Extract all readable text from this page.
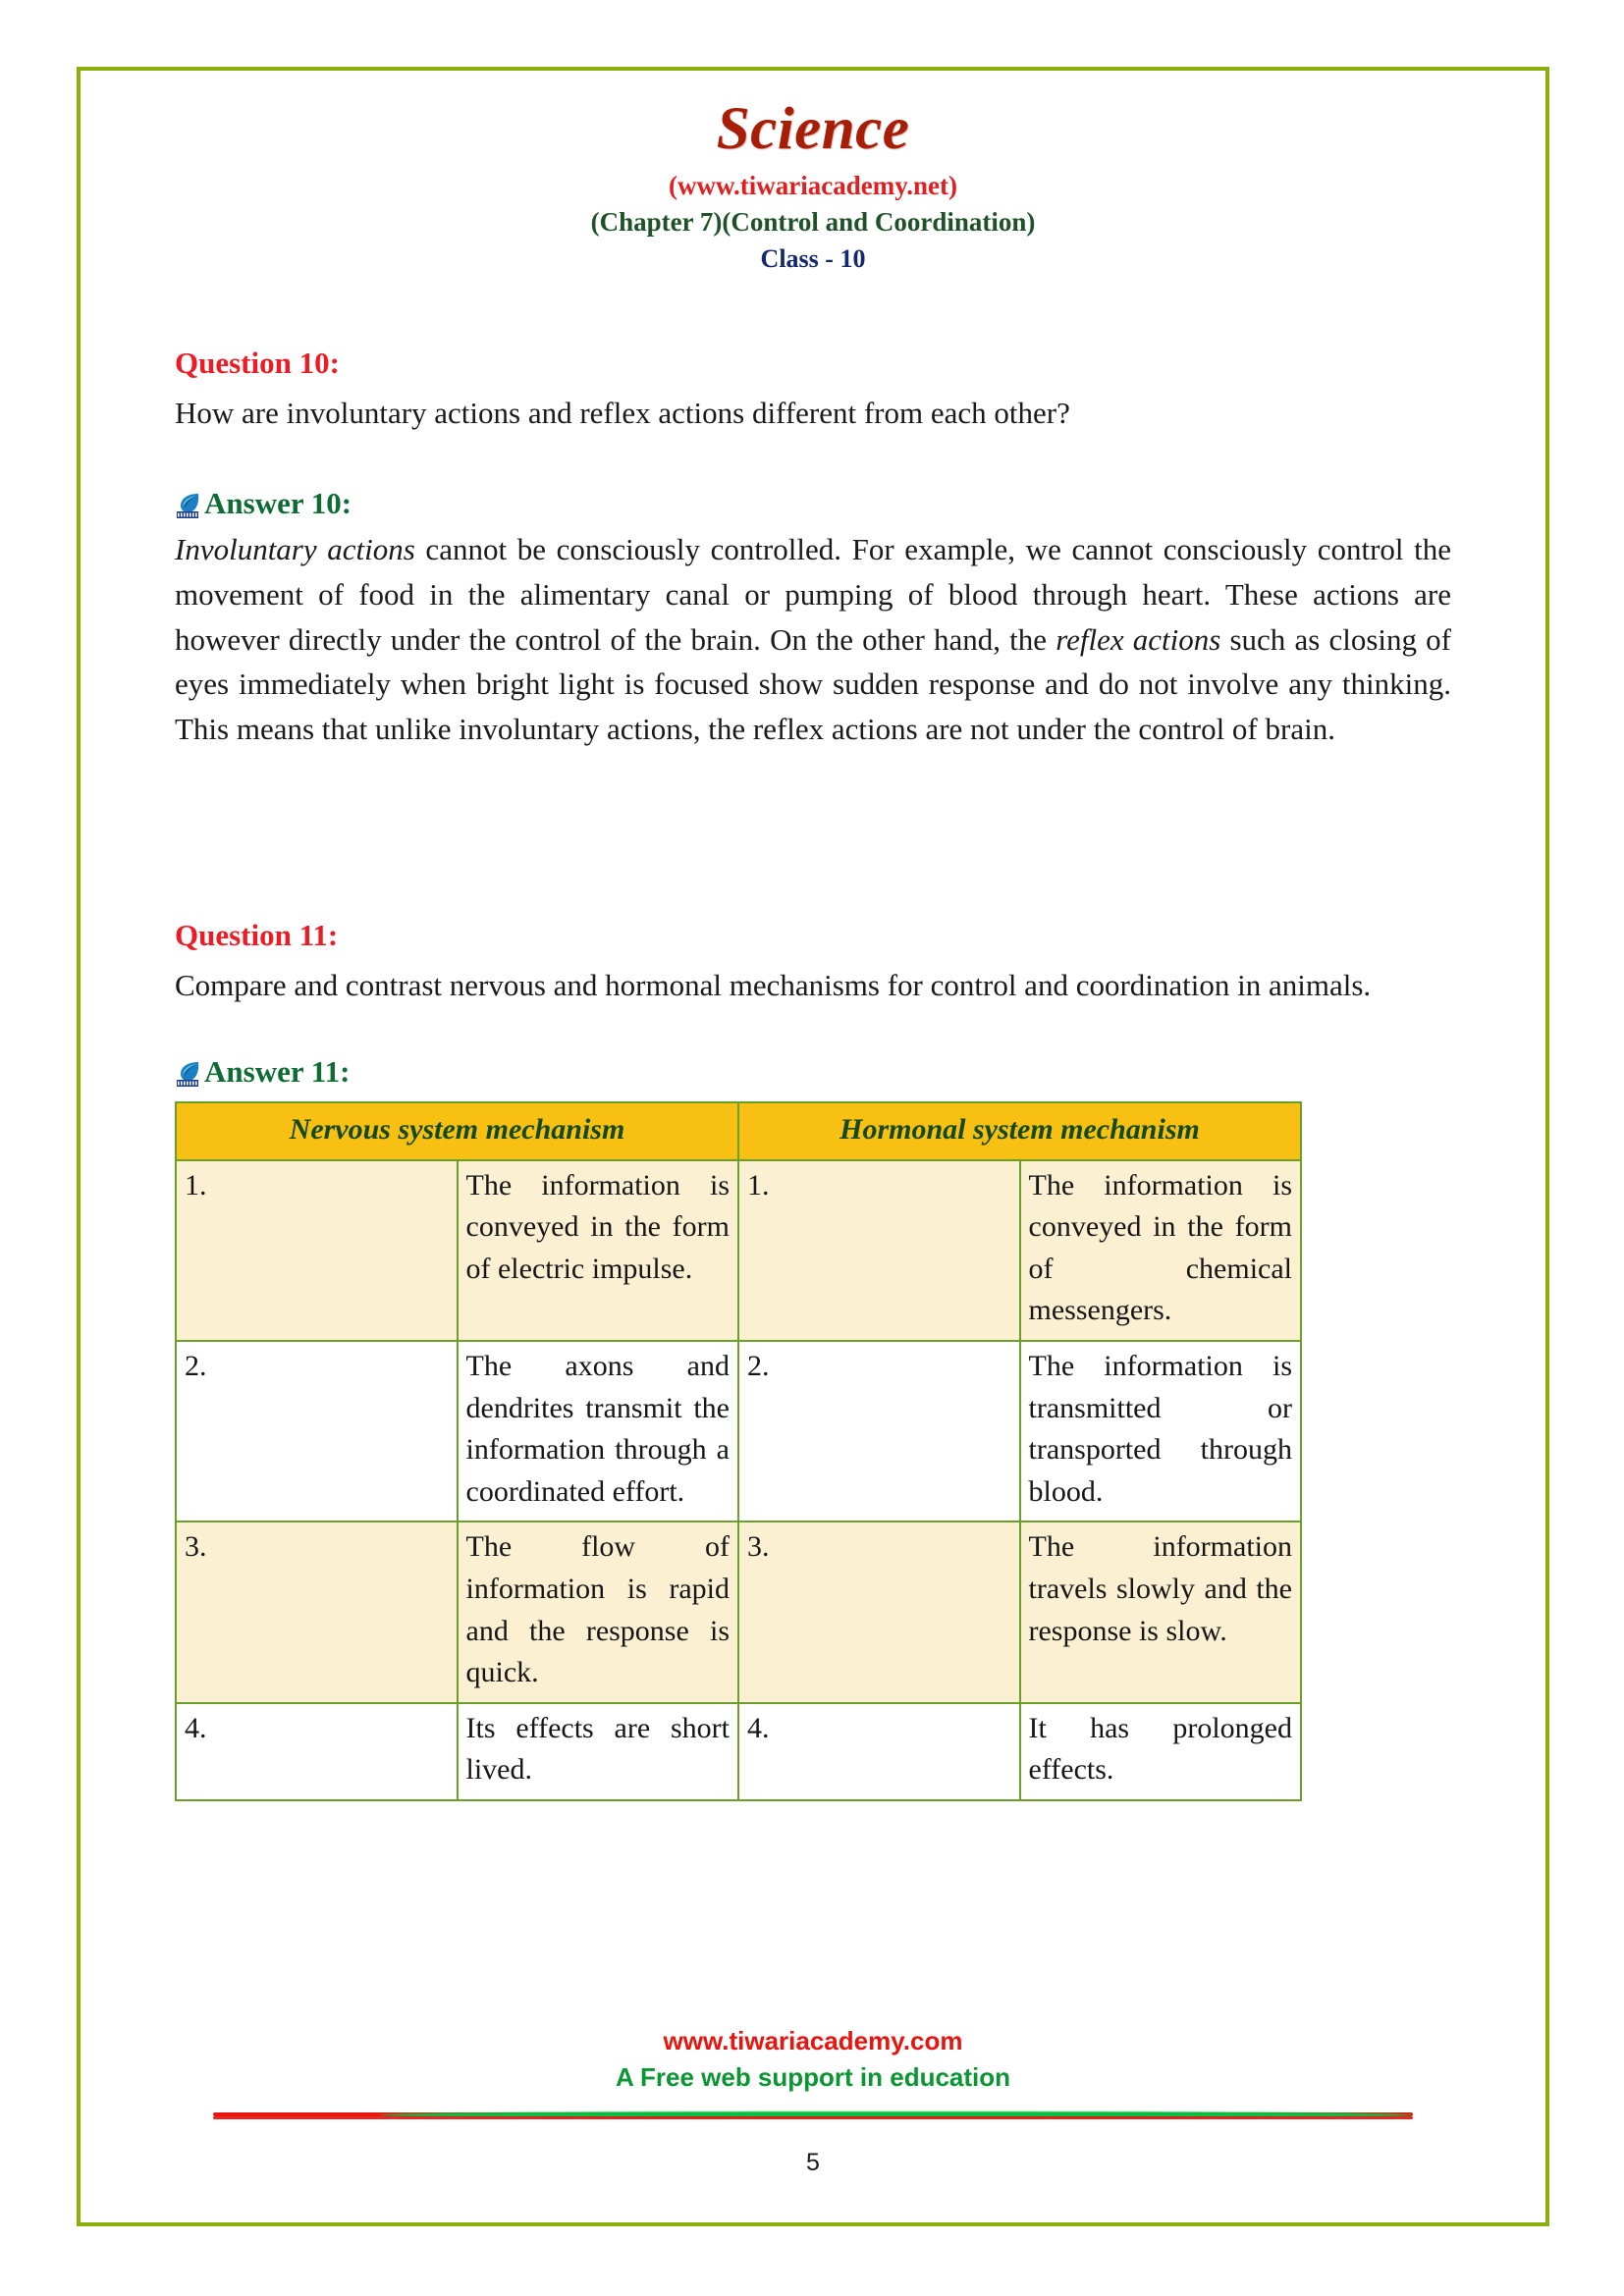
Science
(www.tiwariacademy.net)
(Chapter 7)(Control and Coordination)
Class - 10
Question 10:
How are involuntary actions and reflex actions different from each other?
Answer 10:
Involuntary actions cannot be consciously controlled. For example, we cannot consciously control the movement of food in the alimentary canal or pumping of blood through heart. These actions are however directly under the control of the brain. On the other hand, the reflex actions such as closing of eyes immediately when bright light is focused show sudden response and do not involve any thinking. This means that unlike involuntary actions, the reflex actions are not under the control of brain.
Question 11:
Compare and contrast nervous and hormonal mechanisms for control and coordination in animals.
Answer 11:
Nervous system mechanism		Hormonal system mechanism	
1.	The information is conveyed in the form of electric impulse.	1.	The information is conveyed in the form of chemical messengers.
2.	The axons and dendrites transmit the information through a coordinated effort.	2.	The information is transmitted or transported through blood.
3.	The flow of information is rapid and the response is quick.	3.	The information travels slowly and the response is slow.
4.	Its effects are short lived.	4.	It has prolonged effects.
www.tiwariacademy.com
A Free web support in education
5
